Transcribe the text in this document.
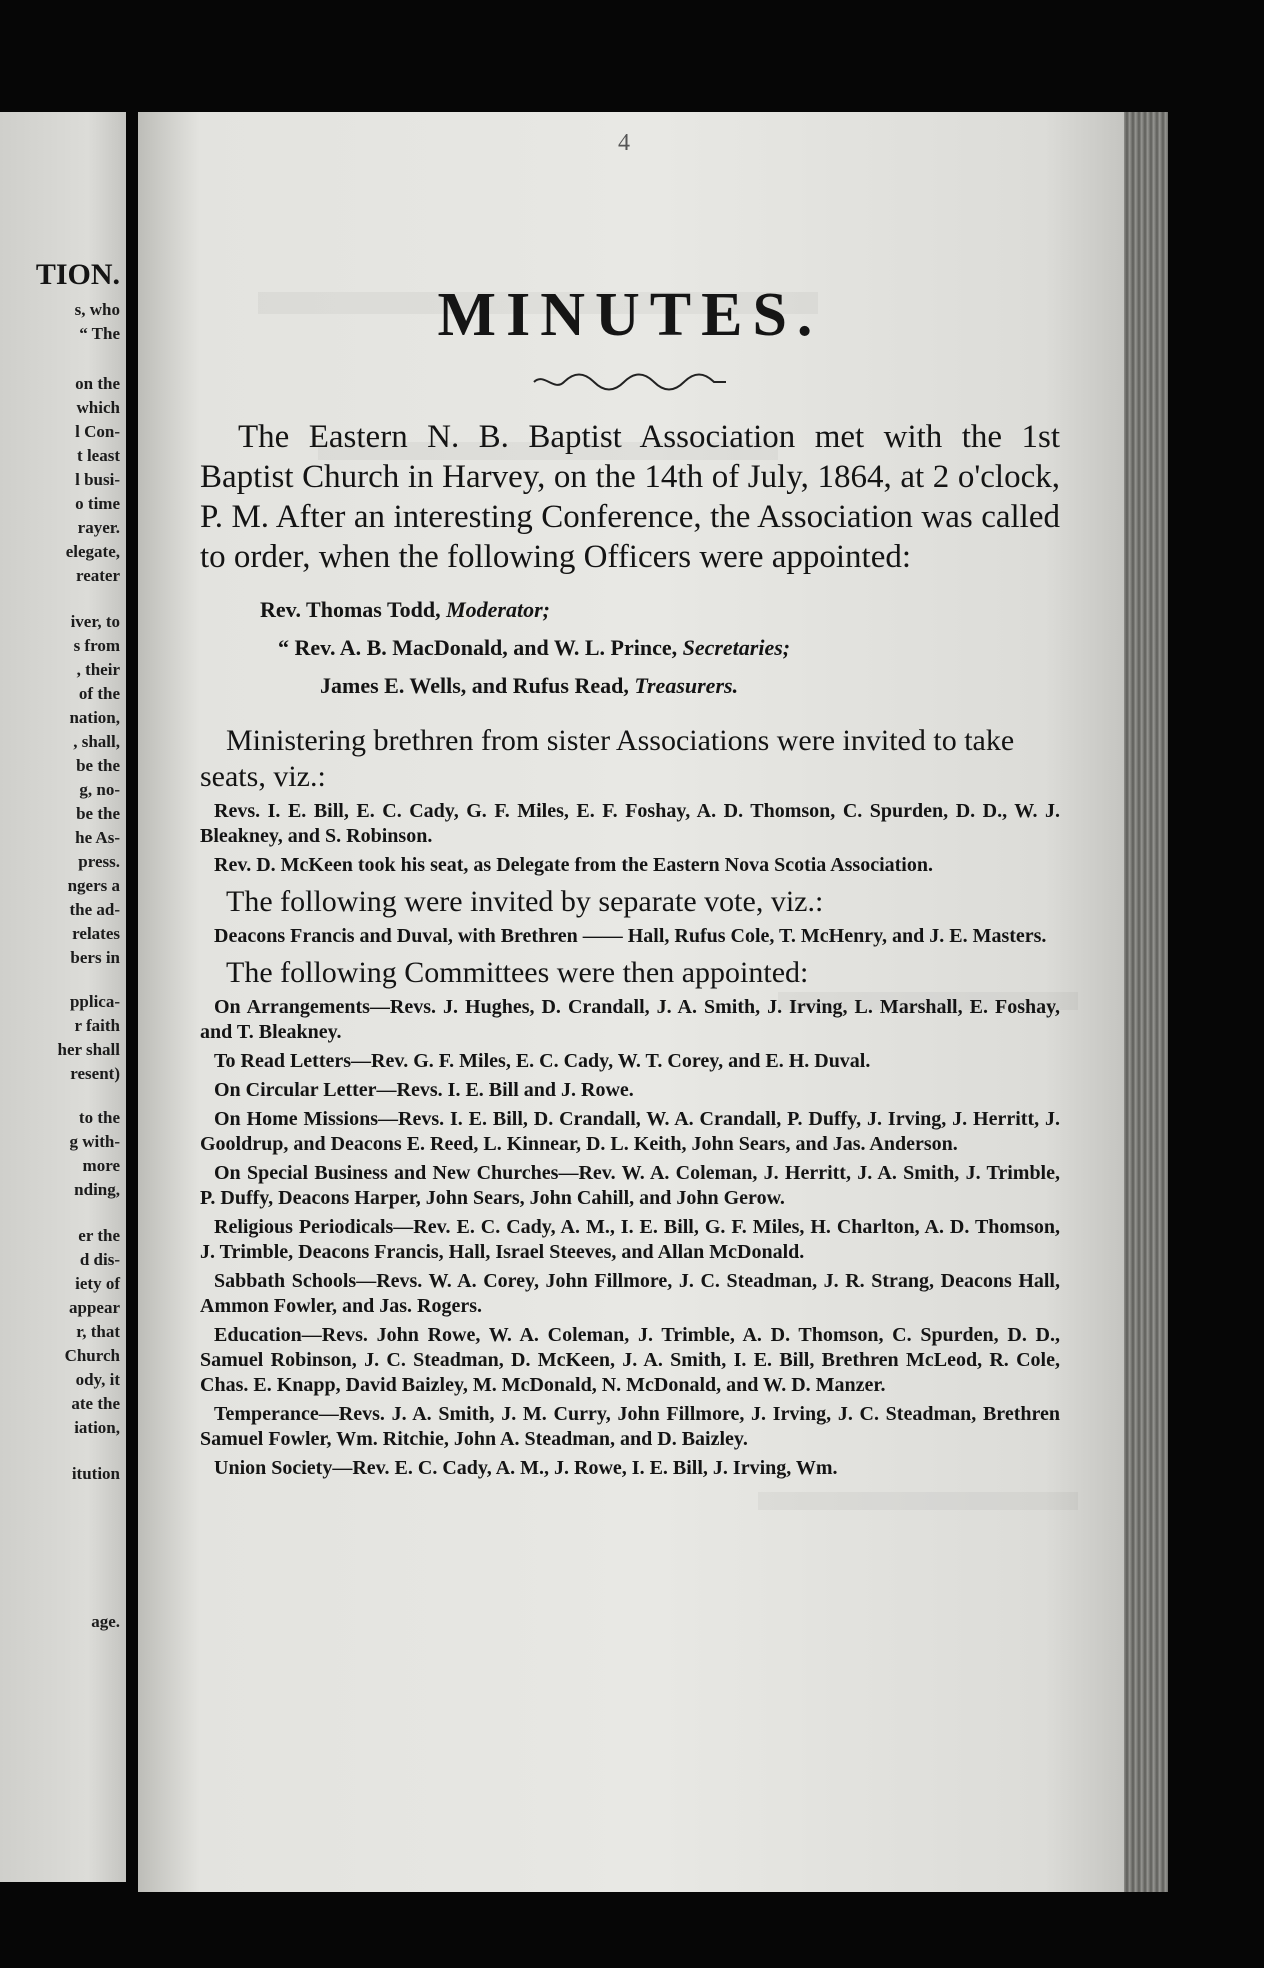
TION.
s, who
“ The
on the
which
l Con-
t least
l busi-
o time
rayer.
elegate,
reater
iver, to
s from
, their
of the
nation,
, shall,
be the
g, no-
be the
he As-
press.
ngers a
the ad-
relates
bers in
pplica-
r faith
her shall
resent)
to the
g with-
more
nding,
er the
d dis-
iety of
appear
r, that
Church
ody, it
ate the
iation,
itution
age.
4
MINUTES.

The Eastern N. B. Baptist Association met with the 1st Baptist Church in Harvey, on the 14th of July, 1864, at 2 o'clock, P. M. After an interesting Conference, the Association was called to order, when the following Officers were appointed:

Rev. Thomas Todd, Moderator;
“ Rev. A. B. MacDonald, and W. L. Prince, Secretaries;
James E. Wells, and Rufus Read, Treasurers.

Ministering brethren from sister Associations were invited to take seats, viz.:

Revs. I. E. Bill, E. C. Cady, G. F. Miles, E. F. Foshay, A. D. Thomson, C. Spurden, D. D., W. J. Bleakney, and S. Robinson.

Rev. D. McKeen took his seat, as Delegate from the Eastern Nova Scotia Association.

The following were invited by separate vote, viz.:

Deacons Francis and Duval, with Brethren —— Hall, Rufus Cole, T. McHenry, and J. E. Masters.

The following Committees were then appointed:

On Arrangements—Revs. J. Hughes, D. Crandall, J. A. Smith, J. Irving, L. Marshall, E. Foshay, and T. Bleakney.

To Read Letters—Rev. G. F. Miles, E. C. Cady, W. T. Corey, and E. H. Duval.

On Circular Letter—Revs. I. E. Bill and J. Rowe.

On Home Missions—Revs. I. E. Bill, D. Crandall, W. A. Crandall, P. Duffy, J. Irving, J. Herritt, J. Gooldrup, and Deacons E. Reed, L. Kinnear, D. L. Keith, John Sears, and Jas. Anderson.

On Special Business and New Churches—Rev. W. A. Coleman, J. Herritt, J. A. Smith, J. Trimble, P. Duffy, Deacons Harper, John Sears, John Cahill, and John Gerow.

Religious Periodicals—Rev. E. C. Cady, A. M., I. E. Bill, G. F. Miles, H. Charlton, A. D. Thomson, J. Trimble, Deacons Francis, Hall, Israel Steeves, and Allan McDonald.

Sabbath Schools—Revs. W. A. Corey, John Fillmore, J. C. Steadman, J. R. Strang, Deacons Hall, Ammon Fowler, and Jas. Rogers.

Education—Revs. John Rowe, W. A. Coleman, J. Trimble, A. D. Thomson, C. Spurden, D. D., Samuel Robinson, J. C. Steadman, D. McKeen, J. A. Smith, I. E. Bill, Brethren McLeod, R. Cole, Chas. E. Knapp, David Baizley, M. McDonald, N. McDonald, and W. D. Manzer.

Temperance—Revs. J. A. Smith, J. M. Curry, John Fillmore, J. Irving, J. C. Steadman, Brethren Samuel Fowler, Wm. Ritchie, John A. Steadman, and D. Baizley.

Union Society—Rev. E. C. Cady, A. M., J. Rowe, I. E. Bill, J. Irving, Wm.
